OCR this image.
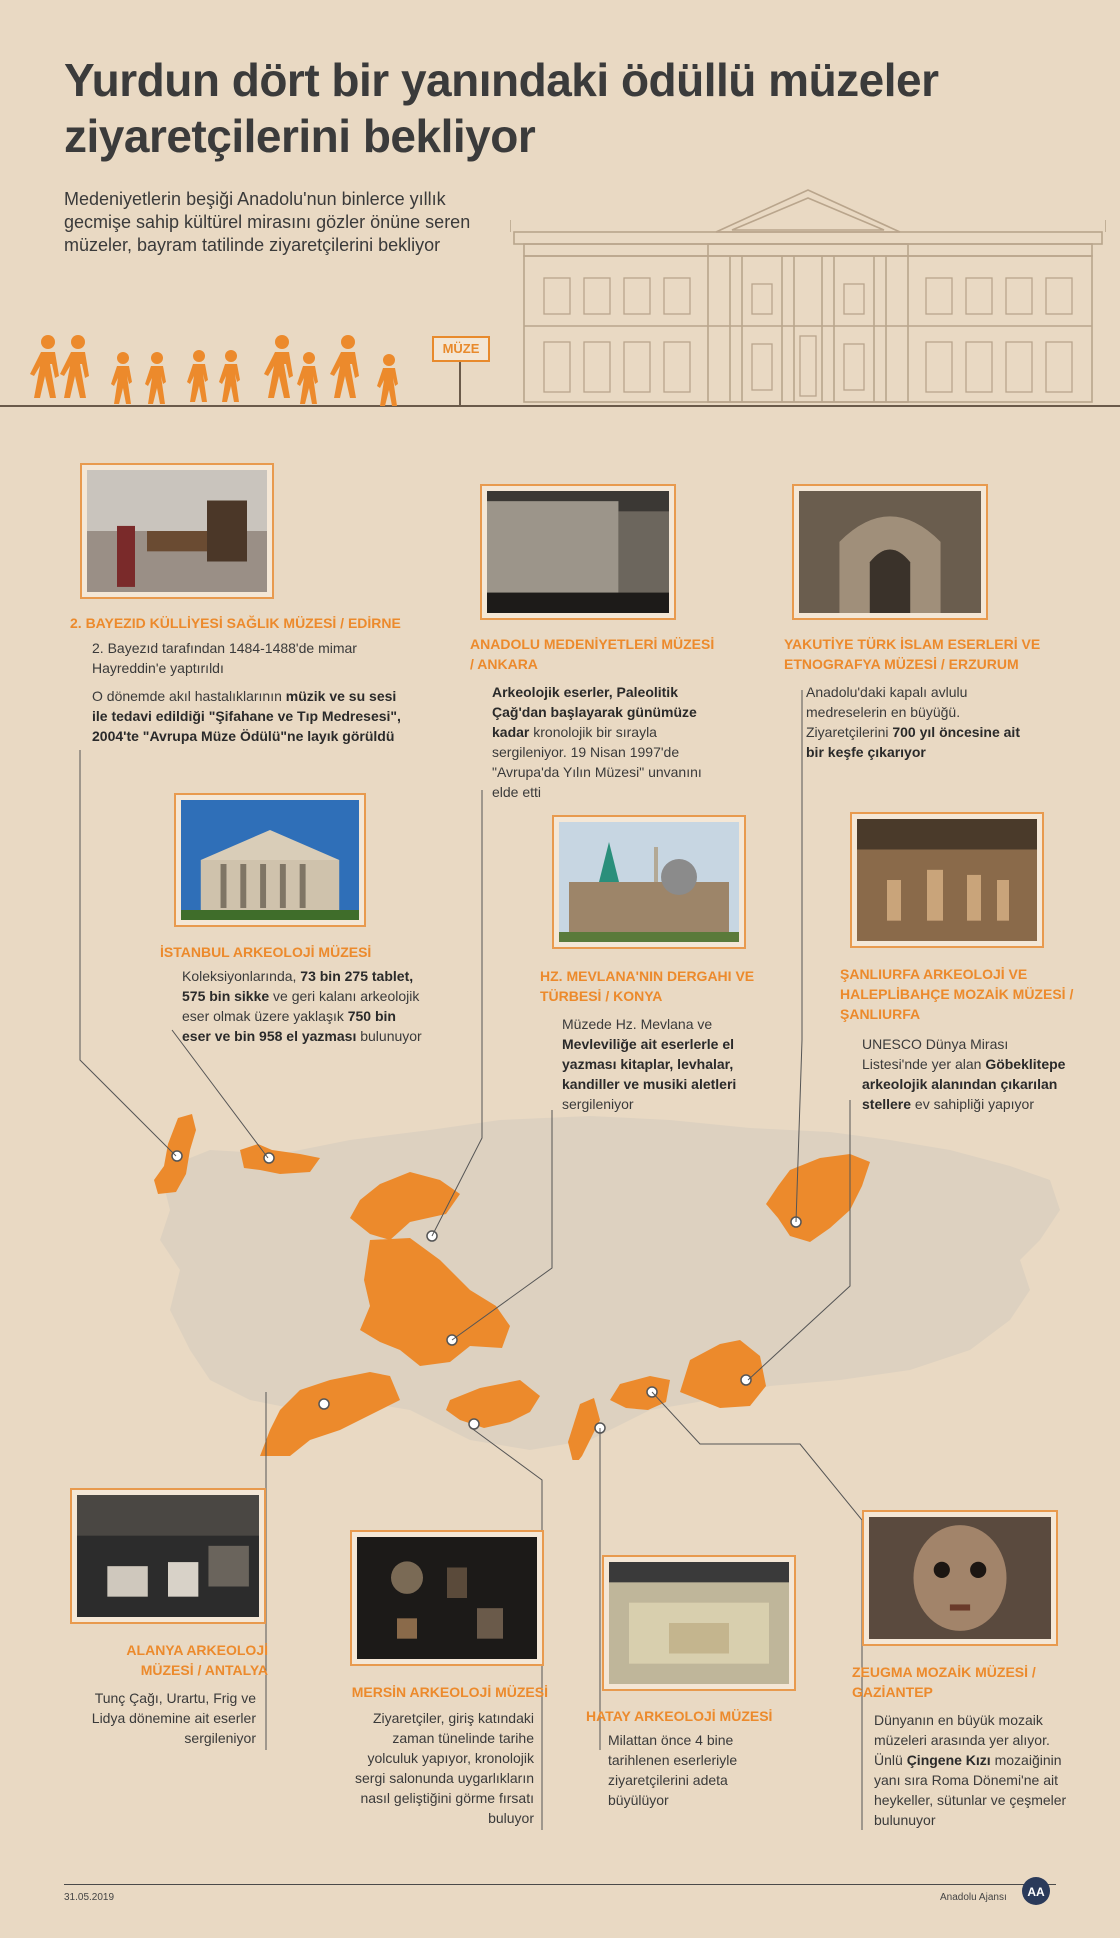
Yurdun dört bir yanındaki ödüllü müzeler ziyaretçilerini bekliyor

Medeniyetlerin beşiği Anadolu'nun binlerce yıllık gecmişe sahip kültürel mirasını gözler önüne seren müzeler, bayram tatilinde ziyaretçilerini bekliyor

MÜZE
2. BAYEZID KÜLLİYESİ SAĞLIK MÜZESİ / EDİRNE

2. Bayezıd tarafından 1484-1488'de mimar Hayreddin'e yaptırıldı

O dönemde akıl hastalıklarının müzik ve su sesi ile tedavi edildiği "Şifahane ve Tıp Medresesi", 2004'te "Avrupa Müze Ödülü"ne layık görüldü

ANADOLU MEDENİYETLERİ MÜZESİ / ANKARA

Arkeolojik eserler, Paleolitik Çağ'dan başlayarak günümüze kadar kronolojik bir sırayla sergileniyor. 19 Nisan 1997'de "Avrupa'da Yılın Müzesi" unvanını elde etti

YAKUTİYE TÜRK İSLAM ESERLERİ VE ETNOGRAFYA MÜZESİ / ERZURUM

Anadolu'daki kapalı avlulu medreselerin en büyüğü. Ziyaretçilerini 700 yıl öncesine ait bir keşfe çıkarıyor

İSTANBUL ARKEOLOJİ MÜZESİ

Koleksiyonlarında, 73 bin 275 tablet, 575 bin sikke ve geri kalanı arkeolojik eser olmak üzere yaklaşık 750 bin eser ve bin 958 el yazması bulunuyor

HZ. MEVLANA'NIN DERGAHI VE TÜRBESİ / KONYA

Müzede Hz. Mevlana ve Mevleviliğe ait eserlerle el yazması kitaplar, levhalar, kandiller ve musiki aletleri sergileniyor

ŞANLIURFA ARKEOLOJİ VE HALEPLİBAHÇE MOZAİK MÜZESİ / ŞANLIURFA

UNESCO Dünya Mirası Listesi'nde yer alan Göbeklitepe arkeolojik alanından çıkarılan stellere ev sahipliği yapıyor

ALANYA ARKEOLOJİ MÜZESİ / ANTALYA

Tunç Çağı, Urartu, Frig ve Lidya dönemine ait eserler sergileniyor

MERSİN ARKEOLOJİ MÜZESİ

Ziyaretçiler, giriş katındaki zaman tünelinde tarihe yolculuk yapıyor, kronolojik sergi salonunda uygarlıkların nasıl geliştiğini görme fırsatı buluyor

HATAY ARKEOLOJİ MÜZESİ

Milattan önce 4 bine tarihlenen eserleriyle ziyaretçilerini adeta büyülüyor

ZEUGMA MOZAİK MÜZESİ / GAZİANTEP

Dünyanın en büyük mozaik müzeleri arasında yer alıyor. Ünlü Çingene Kızı mozaiğinin yanı sıra Roma Dönemi'ne ait heykeller, sütunlar ve çeşmeler bulunuyor

31.05.2019	Anadolu Ajansı AA
